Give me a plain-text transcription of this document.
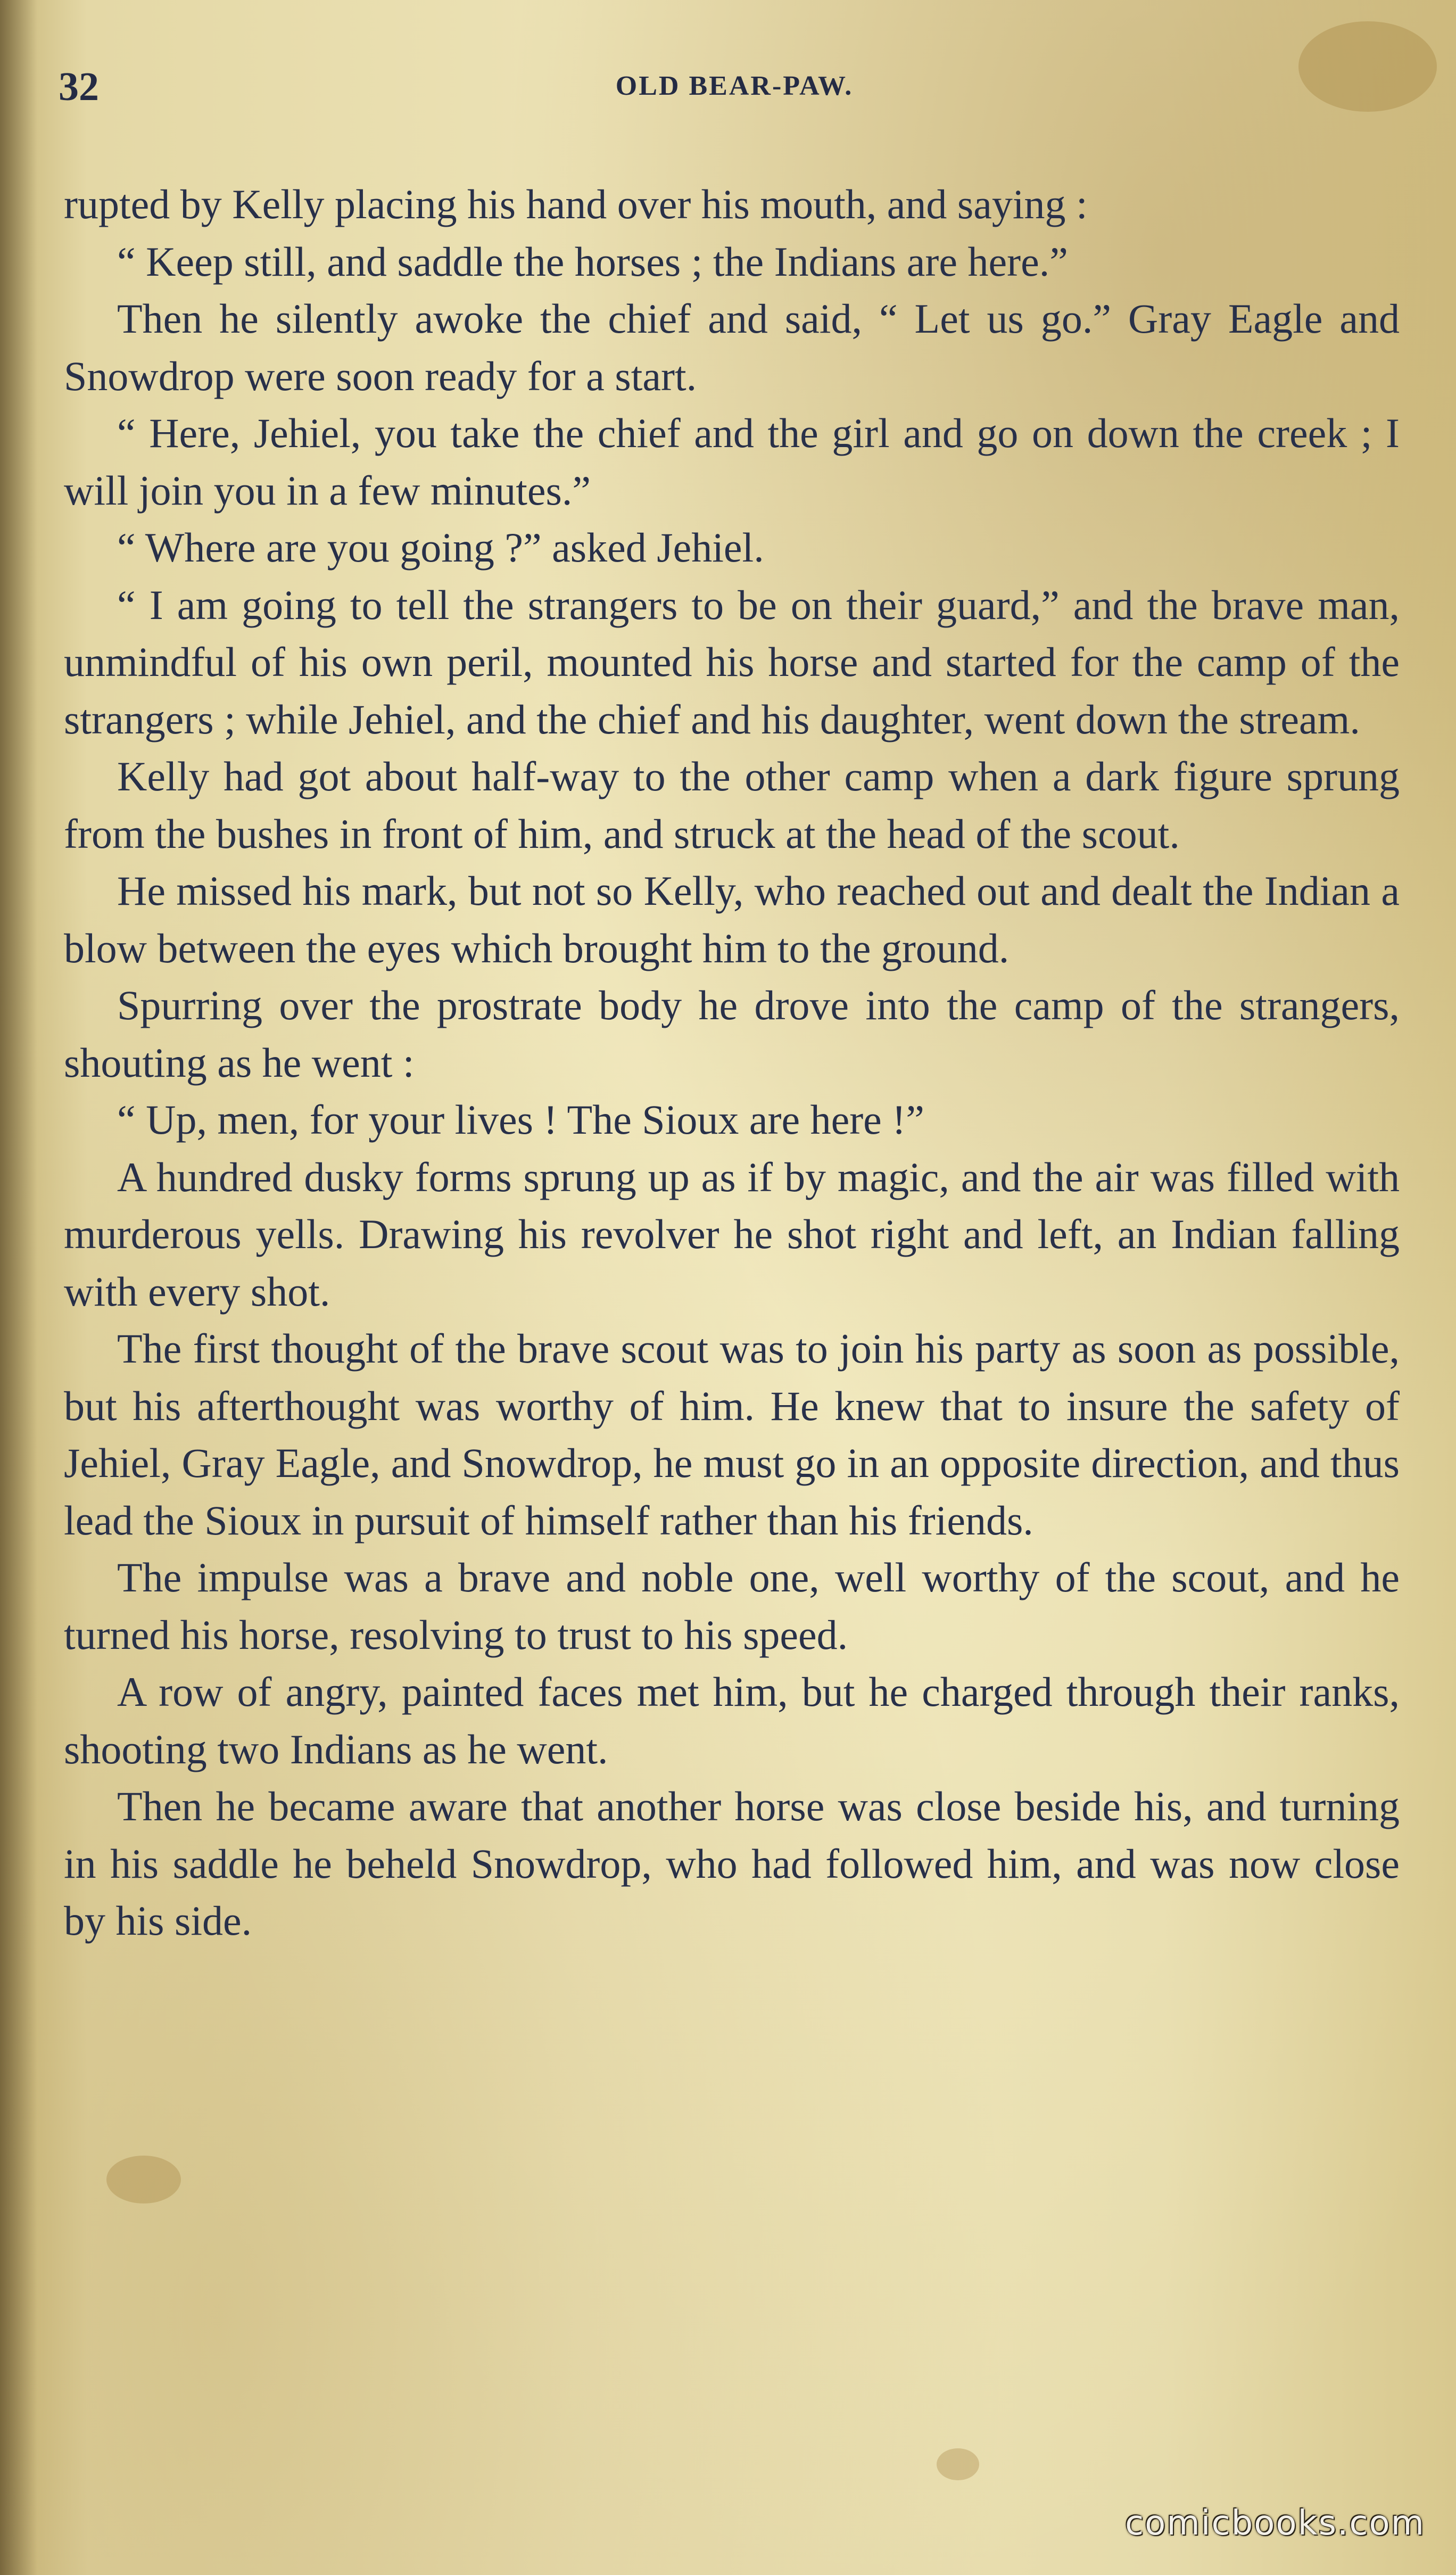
32	OLD BEAR-PAW.

rupted by Kelly placing his hand over his mouth, and saying :

“ Keep still, and saddle the horses ; the Indians are here.”

Then he silently awoke the chief and said, “ Let us go.” Gray Eagle and Snowdrop were soon ready for a start.

“ Here, Jehiel, you take the chief and the girl and go on down the creek ; I will join you in a few minutes.”

“ Where are you going ?” asked Jehiel.

“ I am going to tell the strangers to be on their guard,” and the brave man, unmindful of his own peril, mounted his horse and started for the camp of the strangers ; while Jehiel, and the chief and his daughter, went down the stream.

Kelly had got about half-way to the other camp when a dark figure sprung from the bushes in front of him, and struck at the head of the scout.

He missed his mark, but not so Kelly, who reached out and dealt the Indian a blow between the eyes which brought him to the ground.

Spurring over the prostrate body he drove into the camp of the strangers, shouting as he went :

“ Up, men, for your lives ! The Sioux are here !”

A hundred dusky forms sprung up as if by magic, and the air was filled with murderous yells. Drawing his revolver he shot right and left, an Indian falling with every shot.

The first thought of the brave scout was to join his party as soon as possible, but his afterthought was worthy of him. He knew that to insure the safety of Jehiel, Gray Eagle, and Snowdrop, he must go in an opposite direction, and thus lead the Sioux in pursuit of himself rather than his friends.

The impulse was a brave and noble one, well worthy of the scout, and he turned his horse, resolving to trust to his speed.

A row of angry, painted faces met him, but he charged through their ranks, shooting two Indians as he went.

Then he became aware that another horse was close beside his, and turning in his saddle he beheld Snowdrop, who had followed him, and was now close by his side.

comicbooks.com
